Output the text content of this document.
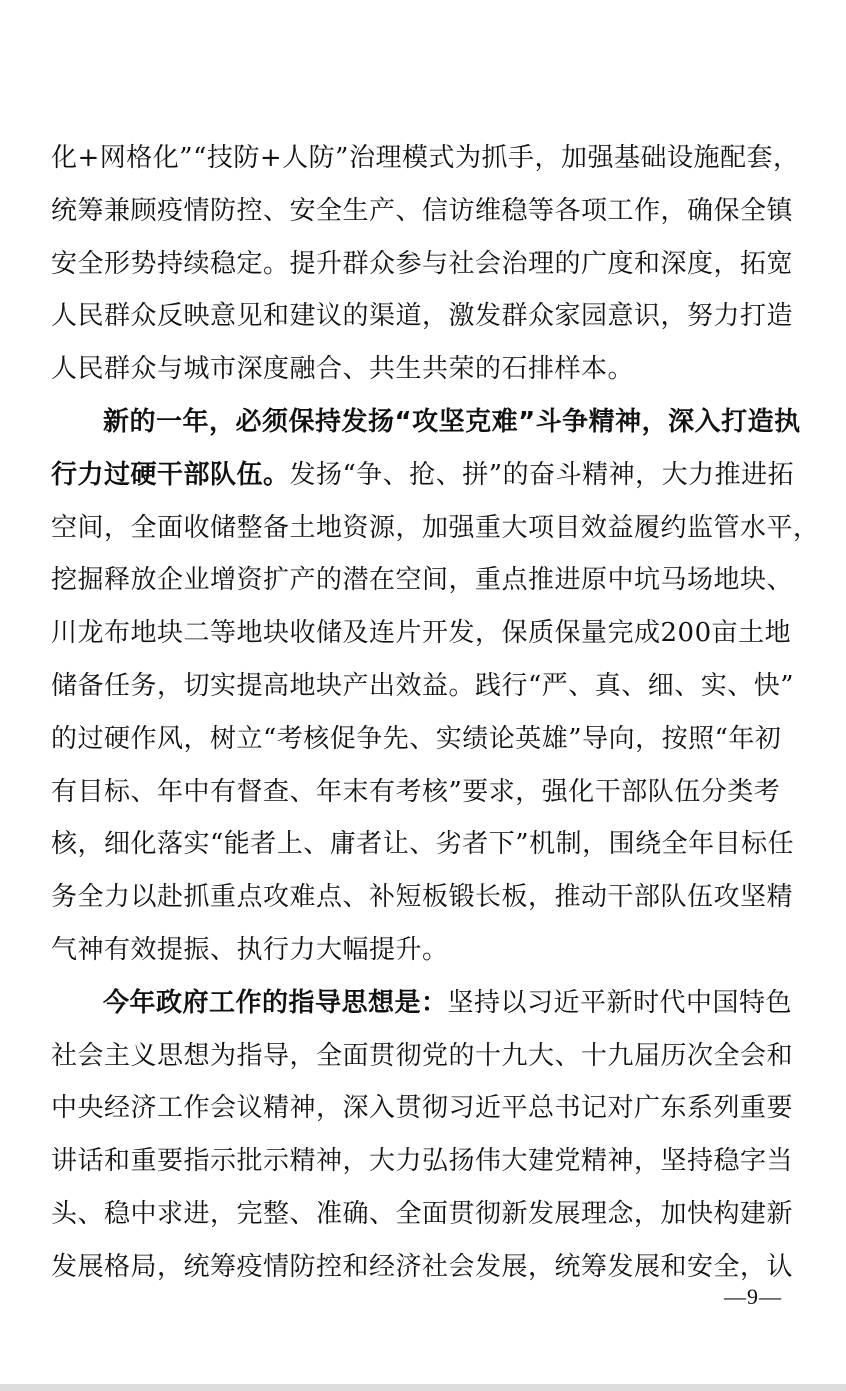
化+网格化”“技防+人防”治理模式为抓手，加强基础设施配套，
统筹兼顾疫情防控、安全生产、信访维稳等各项工作，确保全镇
安全形势持续稳定。提升群众参与社会治理的广度和深度，拓宽
人民群众反映意见和建议的渠道，激发群众家园意识，努力打造
人民群众与城市深度融合、共生共荣的石排样本。
新的一年，必须保持发扬“攻坚克难”斗争精神，深入打造执
行力过硬干部队伍。发扬“争、抢、拼”的奋斗精神，大力推进拓
空间，全面收储整备土地资源，加强重大项目效益履约监管水平，
挖掘释放企业增资扩产的潜在空间，重点推进原中坑马场地块、
川龙布地块二等地块收储及连片开发，保质保量完成200亩土地
储备任务，切实提高地块产出效益。践行“严、真、细、实、快”
的过硬作风，树立“考核促争先、实绩论英雄”导向，按照“年初
有目标、年中有督查、年末有考核”要求，强化干部队伍分类考
核，细化落实“能者上、庸者让、劣者下”机制，围绕全年目标任
务全力以赴抓重点攻难点、补短板锻长板，推动干部队伍攻坚精
气神有效提振、执行力大幅提升。
今年政府工作的指导思想是：坚持以习近平新时代中国特色
社会主义思想为指导，全面贯彻党的十九大、十九届历次全会和
中央经济工作会议精神，深入贯彻习近平总书记对广东系列重要
讲话和重要指示批示精神，大力弘扬伟大建党精神，坚持稳字当
头、稳中求进，完整、准确、全面贯彻新发展理念，加快构建新
发展格局，统筹疫情防控和经济社会发展，统筹发展和安全，认
—9—
